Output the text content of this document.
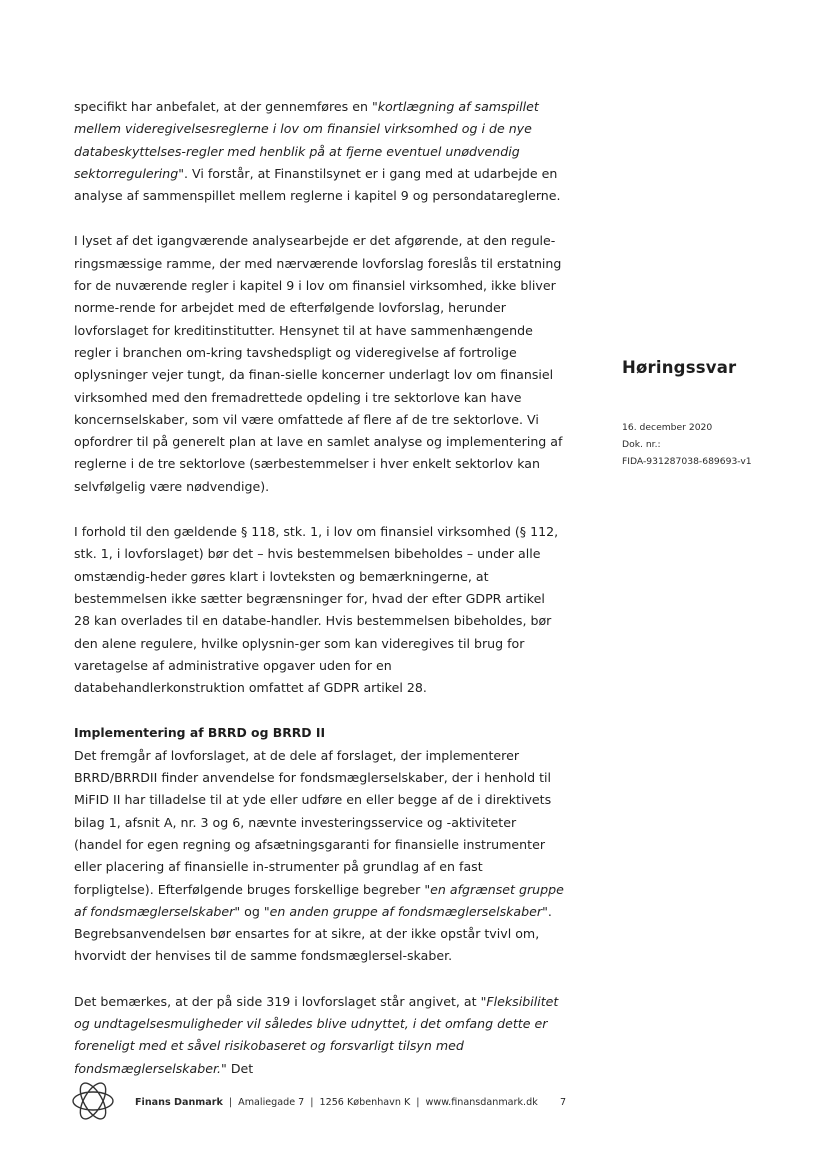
specifikt har anbefalet, at der gennemføres en "kortlægning af samspillet mellem videregivelsesreglerne i lov om finansiel virksomhed og i de nye databeskyttelses-regler med henblik på at fjerne eventuel unødvendig sektorregulering". Vi forstår, at Finanstilsynet er i gang med at udarbejde en analyse af sammenspillet mellem reglerne i kapitel 9 og persondatareglerne.

I lyset af det igangværende analysearbejde er det afgørende, at den regule-ringsmæssige ramme, der med nærværende lovforslag foreslås til erstatning for de nuværende regler i kapitel 9 i lov om finansiel virksomhed, ikke bliver norme-rende for arbejdet med de efterfølgende lovforslag, herunder lovforslaget for kreditinstitutter. Hensynet til at have sammenhængende regler i branchen om-kring tavshedspligt og videregivelse af fortrolige oplysninger vejer tungt, da finan-sielle koncerner underlagt lov om finansiel virksomhed med den fremadrettede opdeling i tre sektorlove kan have koncernselskaber, som vil være omfattede af flere af de tre sektorlove. Vi opfordrer til på generelt plan at lave en samlet analyse og implementering af reglerne i de tre sektorlove (særbestemmelser i hver enkelt sektorlov kan selvfølgelig være nødvendige).

I forhold til den gældende § 118, stk. 1, i lov om finansiel virksomhed (§ 112, stk. 1, i lovforslaget) bør det – hvis bestemmelsen bibeholdes – under alle omstændig-heder gøres klart i lovteksten og bemærkningerne, at bestemmelsen ikke sætter begrænsninger for, hvad der efter GDPR artikel 28 kan overlades til en databe-handler. Hvis bestemmelsen bibeholdes, bør den alene regulere, hvilke oplysnin-ger som kan videregives til brug for varetagelse af administrative opgaver uden for en databehandlerkonstruktion omfattet af GDPR artikel 28.

Implementering af BRRD og BRRD II

Det fremgår af lovforslaget, at de dele af forslaget, der implementerer BRRD/BRRDII finder anvendelse for fondsmæglerselskaber, der i henhold til MiFID II har tilladelse til at yde eller udføre en eller begge af de i direktivets bilag 1, afsnit A, nr. 3 og 6, nævnte investeringsservice og -aktiviteter (handel for egen regning og afsætningsgaranti for finansielle instrumenter eller placering af finansielle in-strumenter på grundlag af en fast forpligtelse). Efterfølgende bruges forskellige begreber "en afgrænset gruppe af fondsmæglerselskaber" og "en anden gruppe af fondsmæglerselskaber". Begrebsanvendelsen bør ensartes for at sikre, at der ikke opstår tvivl om, hvorvidt der henvises til de samme fondsmæglersel-skaber.

Det bemærkes, at der på side 319 i lovforslaget står angivet, at "Fleksibilitet og undtagelsesmuligheder vil således blive udnyttet, i det omfang dette er foreneligt med et såvel risikobaseret og forsvarligt tilsyn med fondsmæglerselskaber." Det

Høringssvar
16. december 2020
Dok. nr.:
FIDA-931287038-689693-v1
Finans Danmark | Amaliegade 7 | 1256 København K | www.finansdanmark.dk 7
